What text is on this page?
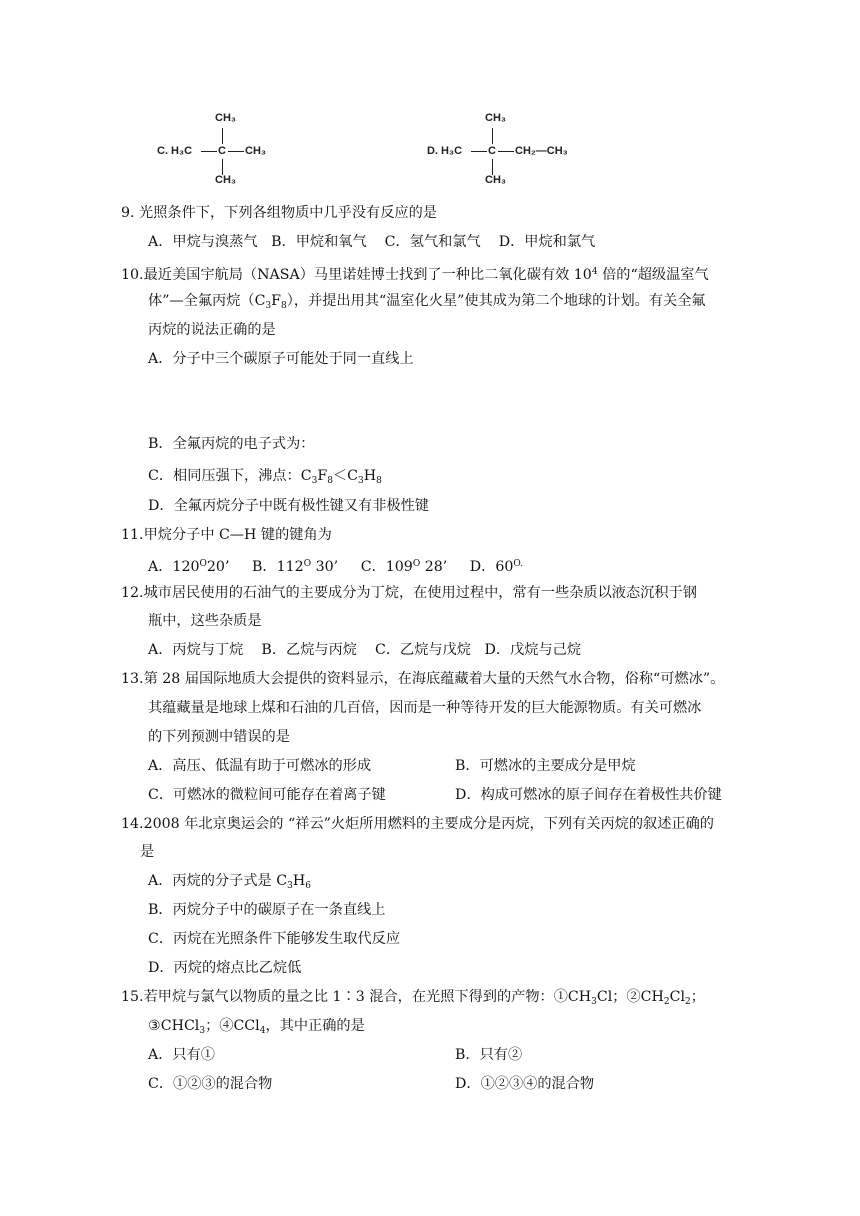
CH₃
C. H₃C C CH₃
CH₃
CH₃
D. H₃C C CH₂—CH₃
CH₃
9. 光照条件下，下列各组物质中几乎没有反应的是
A．甲烷与溴蒸气   B．甲烷和氧气    C．氢气和氯气    D．甲烷和氯气
10.最近美国宇航局（NASA）马里诺娃博士找到了一种比二氧化碳有效 $10^4$ 倍的“超级温室气
体”—全氟丙烷$(C_3F_8)$，并提出用其“温室化火星”使其成为第二个地球的计划。有关全氟
丙烷的说法正确的是
A．分子中三个碳原子可能处于同一直线上
B．全氟丙烷的电子式为：
C．相同压强下，沸点：$C_3F_8<C_3H_8$
D．全氟丙烷分子中既有极性键又有非极性键
11.甲烷分子中 C—H 键的键角为
A．$120^O20$’ B．$112^O$ 30’ C．$109^O$ 28’ D．$60^{O.}$
12.城市居民使用的石油气的主要成分为丁烷，在使用过程中，常有一些杂质以液态沉积于钢
瓶中，这些杂质是
A．丙烷与丁烷    B．乙烷与丙烷    C．乙烷与戊烷   D．戊烷与己烷
13.第 28 届国际地质大会提供的资料显示，在海底蕴藏着大量的天然气水合物，俗称“可燃冰”。
其蕴藏量是地球上煤和石油的几百倍，因而是一种等待开发的巨大能源物质。有关可燃冰
的下列预测中错误的是
A．高压、低温有助于可燃冰的形成	B．可燃冰的主要成分是甲烷
C．可燃冰的微粒间可能存在着离子键	D．构成可燃冰的原子间存在着极性共价键
14.2008 年北京奥运会的 “祥云”火炬所用燃料的主要成分是丙烷，下列有关丙烷的叙述正确的
是
A．丙烷的分子式是 $C_3H_6$
B．丙烷分子中的碳原子在一条直线上
C．丙烷在光照条件下能够发生取代反应
D．丙烷的熔点比乙烷低
15.若甲烷与氯气以物质的量之比 1∶3 混合，在光照下得到的产物：$①CH_3Cl$；$②CH_2Cl_2$；
③CHCl$_3$；④CCl$_4$，其中正确的是
A．只有①	B．只有②
C．①②③的混合物	D．①②③④的混合物
